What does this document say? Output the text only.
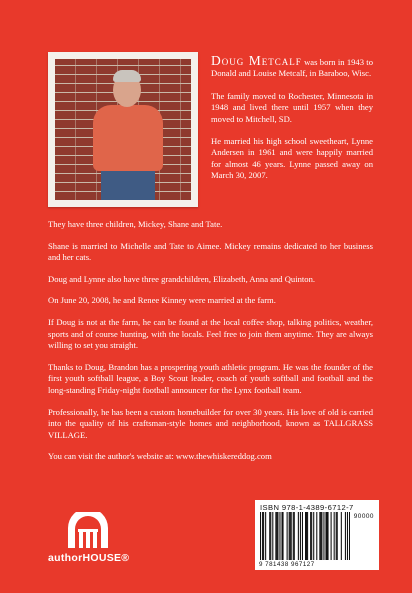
Doug Metcalf was born in 1943 to Donald and Louise Metcalf, in Baraboo, Wisc.

The family moved to Rochester, Minnesota in 1948 and lived there until 1957 when they moved to Mitchell, SD.

He married his high school sweetheart, Lynne Andersen in 1961 and were happily married for almost 46 years. Lynne passed away on March 30, 2007.

They have three children, Mickey, Shane and Tate.

Shane is married to Michelle and Tate to Aimee. Mickey remains dedicated to her business and her cats.

Doug and Lynne also have three grandchildren, Elizabeth, Anna and Quinton.

On June 20, 2008, he and Renee Kinney were married at the farm.

If Doug is not at the farm, he can be found at the local coffee shop, talking politics, weather, sports and of course hunting, with the locals. Feel free to join them anytime. They are always willing to set you straight.

Thanks to Doug, Brandon has a prospering youth athletic program. He was the founder of the first youth softball league, a Boy Scout leader, coach of youth softball and football and the long-standing Friday-night football announcer for the Lynx football team.

Professionally, he has been a custom homebuilder for over 30 years. His love of old is carried into the quality of his craftsman-style homes and neighborhood, known as TALLGRASS VILLAGE.

You can visit the author's website at: www.thewhiskereddog.com

authorHOUSE®
ISBN 978-1-4389-6712-7
90000
9 781438 967127
